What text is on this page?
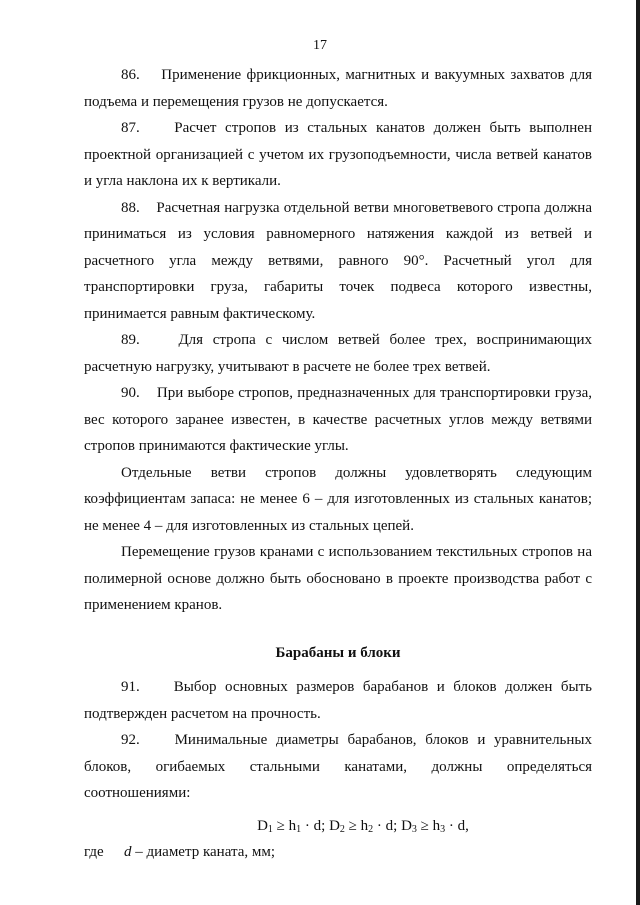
17

86.    Применение фрикционных, магнитных и вакуумных захватов для подъема и перемещения грузов не допускается.

87.    Расчет стропов из стальных канатов должен быть выполнен проектной организацией с учетом их грузоподъемности, числа ветвей канатов и угла наклона их к вертикали.

88.    Расчетная нагрузка отдельной ветви многоветвевого стропа должна приниматься из условия равномерного натяжения каждой из ветвей и расчетного угла между ветвями, равного 90°. Расчетный угол для транспортировки груза, габариты точек подвеса которого известны, принимается равным фактическому.

89.    Для стропа с числом ветвей более трех, воспринимающих расчетную нагрузку, учитывают в расчете не более трех ветвей.

90.    При выборе стропов, предназначенных для транспортировки груза, вес которого заранее известен, в качестве расчетных углов между ветвями стропов принимаются фактические углы.

Отдельные ветви стропов должны удовлетворять следующим коэффициентам запаса: не менее 6 – для изготовленных из стальных канатов; не менее 4 – для изготовленных из стальных цепей.

Перемещение грузов кранами с использованием текстильных стропов на полимерной основе должно быть обосновано в проекте производства работ с применением кранов.

Барабаны и блоки

91.    Выбор основных размеров барабанов и блоков должен быть подтвержден расчетом на прочность.

92.    Минимальные диаметры барабанов, блоков и уравнительных блоков, огибаемых стальными канатами, должны определяться соотношениями:

$D_1 \ge h_1 \cdot d$; $D_2 \ge h_2 \cdot d$; $D_3 \ge h_3 \cdot d$,

где d – диаметр каната, мм;
